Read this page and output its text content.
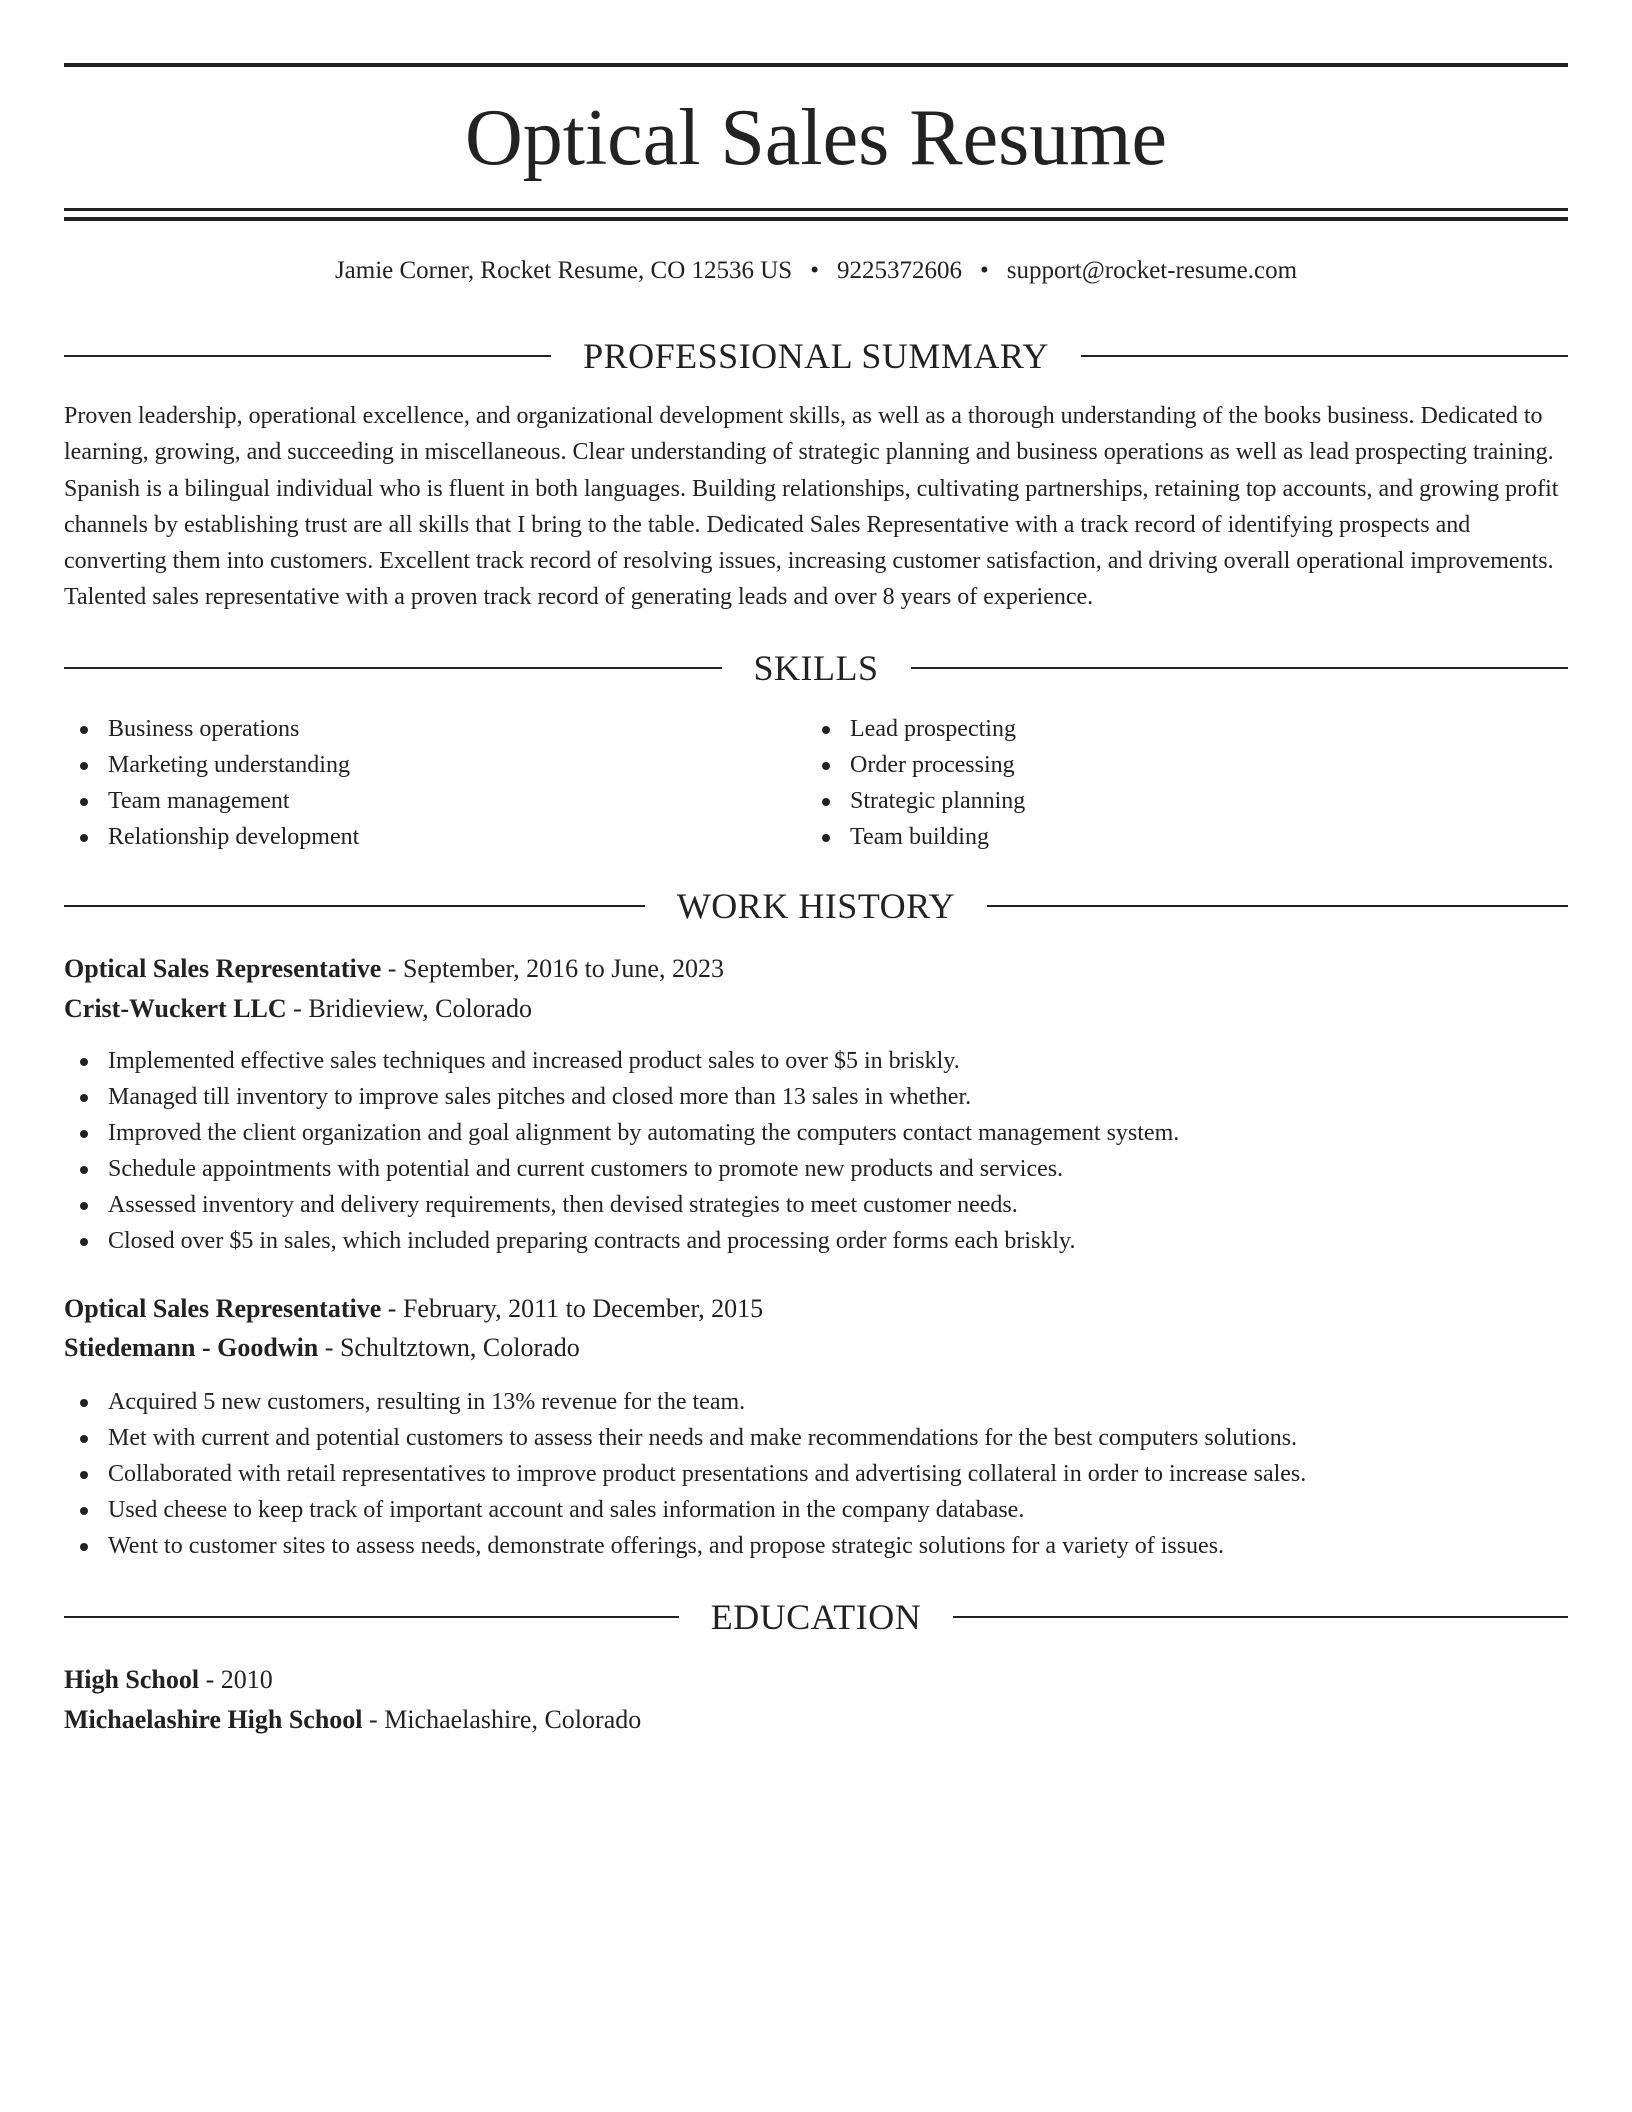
Optical Sales Resume
Jamie Corner, Rocket Resume, CO 12536 US • 9225372606 • support@rocket-resume.com
PROFESSIONAL SUMMARY

Proven leadership, operational excellence, and organizational development skills, as well as a thorough understanding of the books business. Dedicated to learning, growing, and succeeding in miscellaneous. Clear understanding of strategic planning and business operations as well as lead prospecting training. Spanish is a bilingual individual who is fluent in both languages. Building relationships, cultivating partnerships, retaining top accounts, and growing profit channels by establishing trust are all skills that I bring to the table. Dedicated Sales Representative with a track record of identifying prospects and converting them into customers. Excellent track record of resolving issues, increasing customer satisfaction, and driving overall operational improvements. Talented sales representative with a proven track record of generating leads and over 8 years of experience.

SKILLS
Business operations
Marketing understanding
Team management
Relationship development
Lead prospecting
Order processing
Strategic planning
Team building
WORK HISTORY
Optical Sales Representative - September, 2016 to June, 2023
Crist-Wuckert LLC - Bridieview, Colorado
Implemented effective sales techniques and increased product sales to over $5 in briskly.
Managed till inventory to improve sales pitches and closed more than 13 sales in whether.
Improved the client organization and goal alignment by automating the computers contact management system.
Schedule appointments with potential and current customers to promote new products and services.
Assessed inventory and delivery requirements, then devised strategies to meet customer needs.
Closed over $5 in sales, which included preparing contracts and processing order forms each briskly.
Optical Sales Representative - February, 2011 to December, 2015
Stiedemann - Goodwin - Schultztown, Colorado
Acquired 5 new customers, resulting in 13% revenue for the team.
Met with current and potential customers to assess their needs and make recommendations for the best computers solutions.
Collaborated with retail representatives to improve product presentations and advertising collateral in order to increase sales.
Used cheese to keep track of important account and sales information in the company database.
Went to customer sites to assess needs, demonstrate offerings, and propose strategic solutions for a variety of issues.
EDUCATION
High School - 2010
Michaelashire High School - Michaelashire, Colorado
